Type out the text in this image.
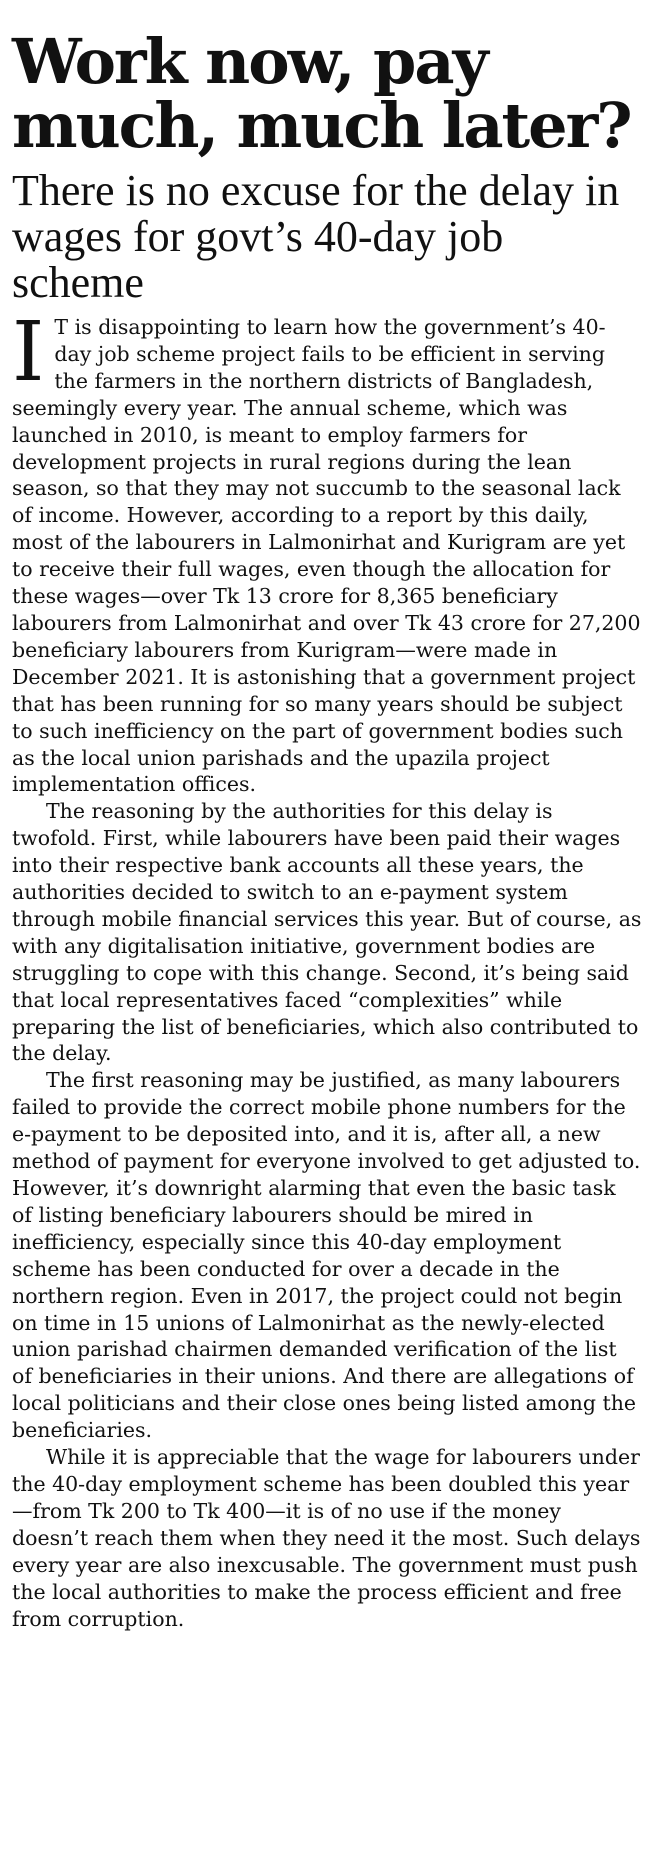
Work now, pay much, much later?
There is no excuse for the delay in wages for govt’s 40-day job scheme

I T is disappointing to learn how the government’s 40-day job scheme project fails to be efficient in serving the farmers in the northern districts of Bangladesh, seemingly every year. The annual scheme, which was launched in 2010, is meant to employ farmers for development projects in rural regions during the lean season, so that they may not succumb to the seasonal lack of income. However, according to a report by this daily, most of the labourers in Lalmonirhat and Kurigram are yet to receive their full wages, even though the allocation for these wages—over Tk 13 crore for 8,365 beneficiary labourers from Lalmonirhat and over Tk 43 crore for 27,200 beneficiary labourers from Kurigram—were made in December 2021. It is astonishing that a government project that has been running for so many years should be subject to such inefficiency on the part of government bodies such as the local union parishads and the upazila project implementation offices.

The reasoning by the authorities for this delay is twofold. First, while labourers have been paid their wages into their respective bank accounts all these years, the authorities decided to switch to an e-payment system through mobile financial services this year. But of course, as with any digitalisation initiative, government bodies are struggling to cope with this change. Second, it’s being said that local representatives faced “complexities” while preparing the list of beneficiaries, which also contributed to the delay.

The first reasoning may be justified, as many labourers failed to provide the correct mobile phone numbers for the e-payment to be deposited into, and it is, after all, a new method of payment for everyone involved to get adjusted to. However, it’s downright alarming that even the basic task of listing beneficiary labourers should be mired in inefficiency, especially since this 40-day employment scheme has been conducted for over a decade in the northern region. Even in 2017, the project could not begin on time in 15 unions of Lalmonirhat as the newly-elected union parishad chairmen demanded verification of the list of beneficiaries in their unions. And there are allegations of local politicians and their close ones being listed among the beneficiaries.

While it is appreciable that the wage for labourers under the 40-day employment scheme has been doubled this year—from Tk 200 to Tk 400—it is of no use if the money doesn’t reach them when they need it the most. Such delays every year are also inexcusable. The government must push the local authorities to make the process efficient and free from corruption.
